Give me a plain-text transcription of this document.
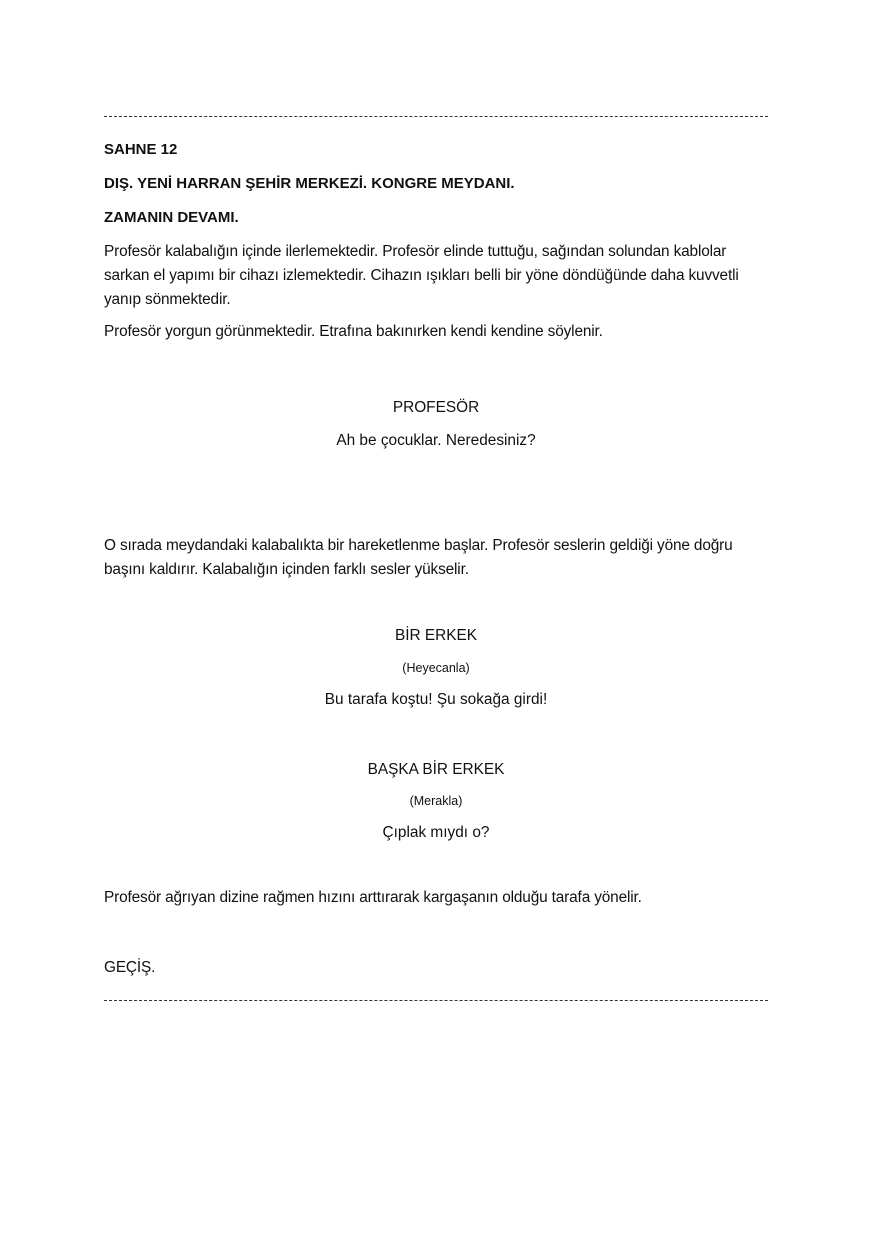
SAHNE 12
DIŞ. YENİ HARRAN ŞEHİR MERKEZİ. KONGRE MEYDANI.
ZAMANIN DEVAMI.

Profesör kalabalığın içinde ilerlemektedir. Profesör elinde tuttuğu, sağından solundan kablolar sarkan el yapımı bir cihazı izlemektedir. Cihazın ışıkları belli bir yöne döndüğünde daha kuvvetli yanıp sönmektedir.

Profesör yorgun görünmektedir. Etrafına bakınırken kendi kendine söylenir.

PROFESÖR
Ah be çocuklar. Neredesiniz?

O sırada meydandaki kalabalıkta bir hareketlenme başlar. Profesör seslerin geldiği yöne doğru başını kaldırır. Kalabalığın içinden farklı sesler yükselir.

BİR ERKEK
(Heyecanla)
Bu tarafa koştu! Şu sokağa girdi!
BAŞKA BİR ERKEK
(Merakla)
Çıplak mıydı o?

Profesör ağrıyan dizine rağmen hızını arttırarak kargaşanın olduğu tarafa yönelir.

GEÇİŞ.
